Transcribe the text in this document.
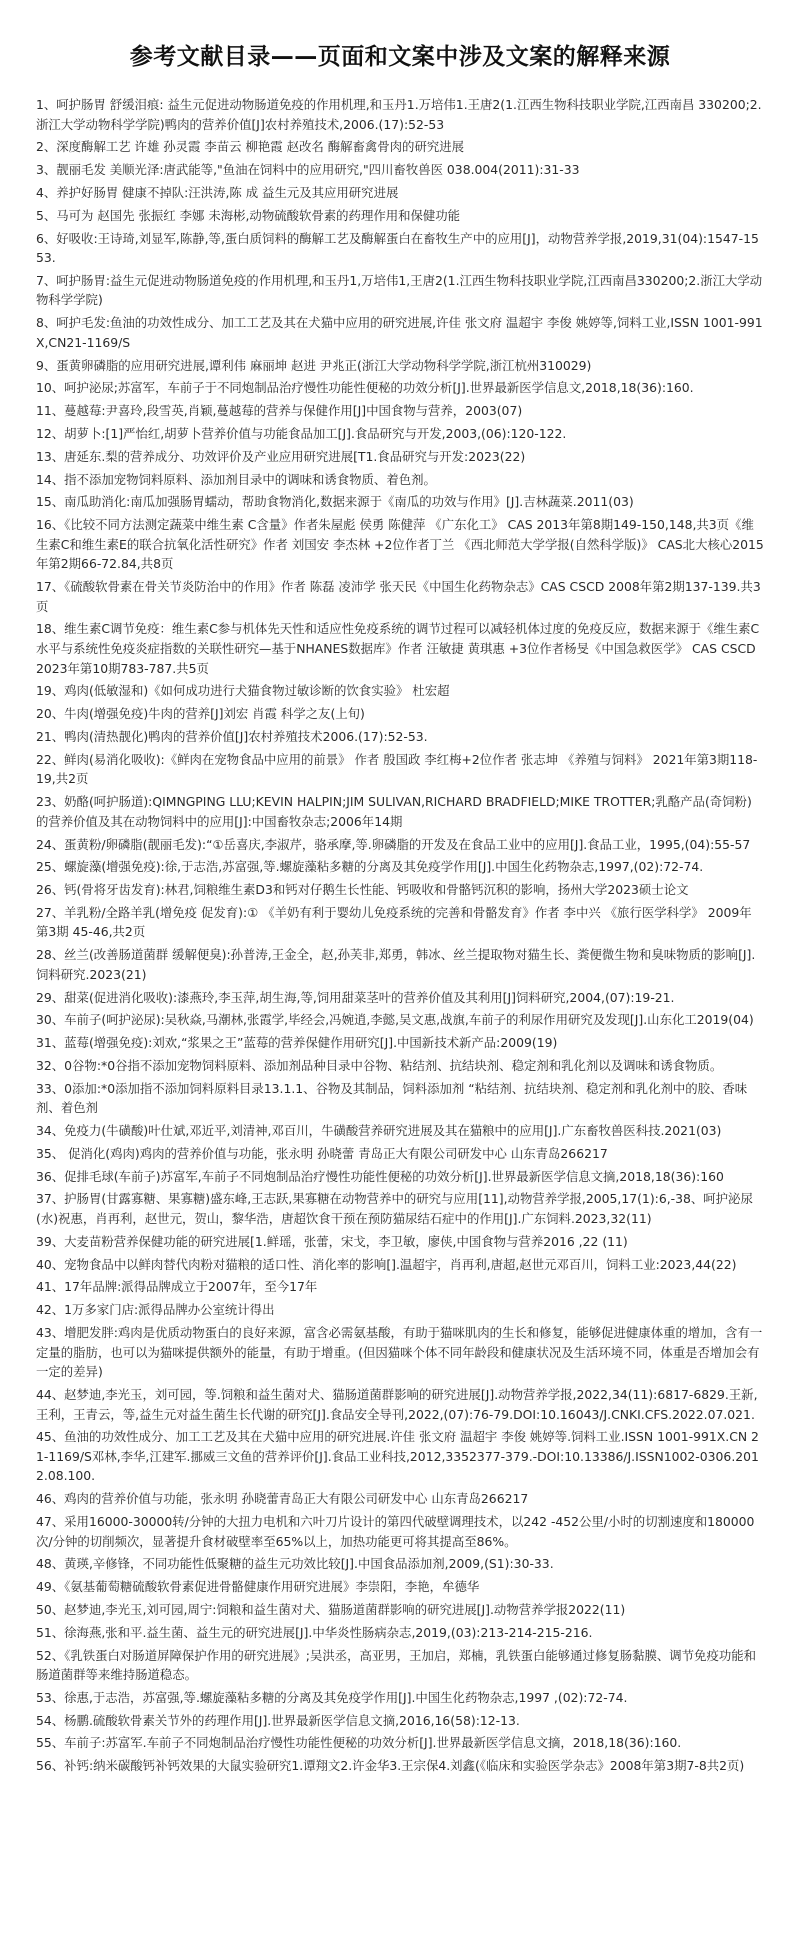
参考文献目录——页面和文案中涉及文案的解释来源
1、呵护肠胃 舒缓泪痕: 益生元促进动物肠道免疫的作用机理,和玉丹1.万培伟1.王唐2(1.江西生物科技职业学院,江西南昌 330200;2.浙江大学动物科学学院)鸭肉的营养价值[J]农村养殖技术,2006.(17):52-53
2、深度酶解工艺 许雄 孙灵霞 李苗云 柳艳霞 赵改名 酶解畜禽骨肉的研究进展
3、靓丽毛发 美顺光泽:唐武能等,"鱼油在饲料中的应用研究,"四川畜牧兽医 038.004(2011):31-33
4、养护好肠胃 健康不掉队:汪洪涛,陈 成 益生元及其应用研究进展
5、马可为 赵国先 张振红 李娜 未海彬,动物硫酸软骨素的药理作用和保健功能
6、好吸收:王诗琦,刘显军,陈静,等,蛋白质饲料的酶解工艺及酶解蛋白在畜牧生产中的应用[J]，动物营养学报,2019,31(04):1547-1553.
7、呵护肠胃:益生元促进动物肠道免疫的作用机理,和玉丹1,万培伟1,王唐2(1.江西生物科技职业学院,江西南昌330200;2.浙江大学动物科学学院)
8、呵护毛发:鱼油的功效性成分、加工工艺及其在犬猫中应用的研究进展,许佳 张文府 温超宇 李俊 姚婷等,饲料工业,ISSN 1001-991X,CN21-1169/S
9、蛋黄卵磷脂的应用研究进展,谭利伟 麻丽坤 赵进 尹兆正(浙江大学动物科学学院,浙江杭州310029)
10、呵护泌尿;苏富军，车前子于不同炮制品治疗慢性功能性便秘的功效分析[J].世界最新医学信息文,2018,18(36):160.
11、蔓越莓:尹喜玲,段雪英,肖颖,蔓越莓的营养与保健作用[J]中国食物与营养，2003(07)
12、胡萝卜:[1]严怡红,胡萝卜营养价值与功能食品加工[J].食品研究与开发,2003,(06):120-122.
13、唐延东.梨的营养成分、功效评价及产业应用研究进展[T1.食品研究与开发:2023(22)
14、指不添加宠物饲料原料、添加剂目录中的调味和诱食物质、着色剂。
15、南瓜助消化:南瓜加强肠胃蠕动，帮助食物消化,数据来源于《南瓜的功效与作用》[J].吉林蔬菜.2011(03)
16、《比较不同方法测定蔬菜中维生素 C含量》作者朱屋彪 侯勇 陈健萍 《广东化工》 CAS 2013年第8期149-150,148,共3页《维生素C和维生素E的联合抗氧化活性研究》作者 刘国安 李杰林 +2位作者丁兰 《西北师范大学学报(自然科学版)》 CAS北大核心2015年第2期66-72.84,共8页
17、《硫酸软骨素在骨关节炎防治中的作用》作者 陈磊 凌沛学 张天民《中国生化药物杂志》CAS CSCD 2008年第2期137-139.共3页
18、维生素C调节免疫：维生素C参与机体先天性和适应性免疫系统的调节过程可以减轻机体过度的免疫反应，数据来源于《维生素C水平与系统性免疫炎症指数的关联性研究—基于NHANES数据库》作者 汪敏捷 黄琪惠 +3位作者杨旻《中国急救医学》 CAS CSCD 2023年第10期783-787.共5页
19、鸡肉(低敏湿和)《如何成功进行犬猫食物过敏诊断的饮食实验》 杜宏超
20、牛肉(增强免疫)牛肉的营养[J]刘宏 肖霞 科学之友(上旬)
21、鸭肉(清热靓化)鸭肉的营养价值[J]农村养殖技术2006.(17):52-53.
22、鲜肉(易消化吸收):《鲜肉在宠物食品中应用的前景》 作者 殷国政 李红梅+2位作者 张志坤 《养殖与饲料》 2021年第3期118-19,共2页
23、奶酪(呵护肠道):QIMNGPING LLU;KEVIN HALPIN;JIM SULIVAN,RICHARD BRADFIELD;MIKE TROTTER;乳酪产品(奇饲粉)的营养价值及其在动物饲料中的应用[J]:中国畜牧杂志;2006年14期
24、蛋黄粉/卵磷脂(靓丽毛发):“①岳喜庆,李淑芹，骆承摩,等.卵磷脂的开发及在食品工业中的应用[J].食品工业，1995,(04):55-57
25、螺旋藻(增强免疫):徐,于志浩,苏富强,等.螺旋藻粘多糖的分离及其免疫学作用[J].中国生化药物杂志,1997,(02):72-74.
26、钙(骨将牙齿发育):林君,饲粮维生素D3和钙对仔鹅生长性能、钙吸收和骨骼钙沉积的影响，扬州大学2023硕士论文
27、羊乳粉/全路羊乳(增免疫 促发育):① 《羊奶有利于婴幼儿免疫系统的完善和骨骼发育》作者 李中兴 《旅行医学科学》 2009年第3期 45-46,共2页
28、丝兰(改善肠道菌群 缓解便臭):孙普涛,王金全，赵,孙芙非,郑勇，韩冰、丝兰提取物对猫生长、粪便微生物和臭味物质的影响[J].饲料研究.2023(21)
29、甜菜(促进消化吸收):漆燕玲,李玉萍,胡生海,等,饲用甜菜茎叶的营养价值及其利用[J]饲料研究,2004,(07):19-21.
30、车前子(呵护泌尿):吴秋焱,马潮林,张霞学,毕经会,冯婉逍,李懿,吴文惠,战旗,车前子的利尿作用研究及发现[J].山东化工2019(04)
31、蓝莓(增强免疫):刘欢,“浆果之王”蓝莓的营养保健作用研究[J].中国新技术新产品:2009(19)
32、0谷物:*0谷指不添加宠物饲料原料、添加剂品种目录中谷物、粘结剂、抗结块剂、稳定剂和乳化剂以及调味和诱食物质。
33、0添加:*0添加指不添加饲料原料目录13.1.1、谷物及其制品，饲料添加剂 “粘结剂、抗结块剂、稳定剂和乳化剂中的胶、香味剂、着色剂
34、免疫力(牛磺酸)叶仕斌,邓近平,刘清神,邓百川，牛磺酸营养研究进展及其在猫粮中的应用[J].广东畜牧兽医科技.2021(03)
35、 促消化(鸡肉)鸡肉的营养价值与功能，张永明 孙晓蕾 青岛正大有限公司研发中心 山东青岛266217
36、促排毛球(车前子)苏富军,车前子不同炮制品治疗慢性功能性便秘的功效分析[J].世界最新医学信息文摘,2018,18(36):160
37、护肠胃(甘露寡糖、果寡糖)盛东峰,王志跃,果寡糖在动物营养中的研究与应用[11],动物营养学报,2005,17(1):6,-38、呵护泌尿(水)祝惠，肖再利，赵世元，贺山，黎华浩，唐超饮食干预在预防猫尿结石症中的作用[J].广东饲料.2023,32(11)
39、大麦苗粉营养保健功能的研究进展[1.鲜瑶，张蕾，宋戈，李卫敏，廖侠,中国食物与营养2016 ,22 (11)
40、宠物食品中以鲜肉替代肉粉对猫粮的适口性、消化率的影响[].温超宇，肖再利,唐超,赵世元邓百川，饲料工业:2023,44(22)
41、17年品牌:派得品牌成立于2007年，至今17年
42、1万多家门店:派得品牌办公室统计得出
43、增肥发胖:鸡肉是优质动物蛋白的良好来源，富含必需氨基酸，有助于猫咪肌肉的生长和修复，能够促进健康体重的增加，含有一定量的脂肪，也可以为猫咪提供额外的能量，有助于增重。(但因猫咪个体不同年龄段和健康状况及生活环境不同，体重是否增加会有一定的差异)
44、赵梦迪,李光玉，刘可园，等.饲粮和益生菌对犬、猫肠道菌群影响的研究进展[J].动物营养学报,2022,34(11):6817-6829.王新,王利，王青云，等,益生元对益生菌生长代谢的研究[J].食品安全导刊,2022,(07):76-79.DOI:10.16043/J.CNKI.CFS.2022.07.021.
45、鱼油的功效性成分、加工工艺及其在犬猫中应用的研究进展.许佳 张文府 温超宇 李俊 姚婷等.饲料工业.ISSN 1001-991X.CN 21-1169/S邓林,李华,江建军.挪威三文鱼的营养评价[J].食品工业科技,2012,3352377-379.-DOI:10.13386/J.ISSN1002-0306.2012.08.100.
46、鸡肉的营养价值与功能，张永明 孙晓蕾青岛正大有限公司研发中心 山东青岛266217
47、采用16000-30000转/分钟的大扭力电机和六叶刀片设计的第四代破壁调理技术，以242 -452公里/小时的切割速度和180000次/分钟的切削频次，显著提升食材破壁率至65%以上，加热功能更可将其提高至86%。
48、黄瑛,辛修锋，不同功能性低聚糖的益生元功效比较[J].中国食品添加剂,2009,(S1):30-33.
49、《氨基葡萄糖硫酸软骨素促进骨骼健康作用研究进展》李崇阳，李艳，牟德华
50、赵梦迪,李光玉,刘可园,周宁:饲粮和益生菌对犬、猫肠道菌群影响的研究进展[J].动物营养学报2022(11)
51、徐海燕,张和平.益生菌、益生元的研究进展[J].中华炎性肠病杂志,2019,(03):213-214-215-216.
52、《乳铁蛋白对肠道屏障保护作用的研究进展》;吴洪丞，高亚男，王加启，郑楠，乳铁蛋白能够通过修复肠黏膜、调节免疫功能和肠道菌群等来维持肠道稳态。
53、徐惠,于志浩，苏富强,等.螺旋藻粘多糖的分离及其免疫学作用[J].中国生化药物杂志,1997 ,(02):72-74.
54、杨鹏.硫酸软骨素关节外的药理作用[J].世界最新医学信息文摘,2016,16(58):12-13.
55、车前子:苏富军.车前子不同炮制品治疗慢性功能性便秘的功效分析[J].世界最新医学信息文摘，2018,18(36):160.
56、补钙:纳米碳酸钙补钙效果的大鼠实验研究1.谭翔文2.许金华3.王宗保4.刘鑫(《临床和实验医学杂志》2008年第3期7-8共2页)
